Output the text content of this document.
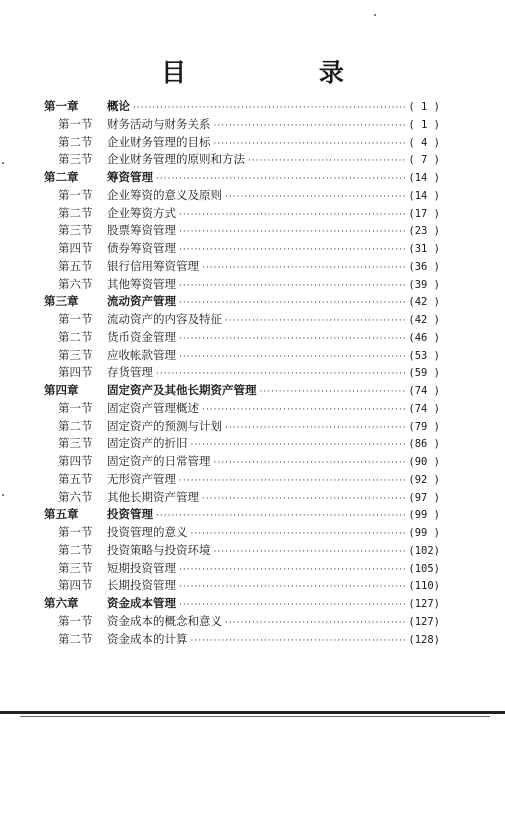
目 录
第一章	概论 ·····	( 1 )
第一节	财务活动与财务关系 ·····	( 1 )
第二节	企业财务管理的目标 ·····	( 4 )
第三节	企业财务管理的原则和方法 ·····	( 7 )
第二章	筹资管理 ·····	(14 )
第一节	企业筹资的意义及原则 ·····	(14 )
第二节	企业筹资方式 ·····	(17 )
第三节	股票筹资管理 ·····	(23 )
第四节	债券筹资管理 ·····	(31 )
第五节	银行信用筹资管理 ·····	(36 )
第六节	其他筹资管理 ·····	(39 )
第三章	流动资产管理 ·····	(42 )
第一节	流动资产的内容及特征 ·····	(42 )
第二节	货币资金管理 ·····	(46 )
第三节	应收帐款管理 ·····	(53 )
第四节	存货管理 ·····	(59 )
第四章	固定资产及其他长期资产管理 ·····	(74 )
第一节	固定资产管理概述 ·····	(74 )
第二节	固定资产的预测与计划 ·····	(79 )
第三节	固定资产的折旧 ·····	(86 )
第四节	固定资产的日常管理 ·····	(90 )
第五节	无形资产管理 ·····	(92 )
第六节	其他长期资产管理 ·····	(97 )
第五章	投资管理 ·····	(99 )
第一节	投资管理的意义 ·····	(99 )
第二节	投资策略与投资环境 ·····	(102)
第三节	短期投资管理 ·····	(105)
第四节	长期投资管理 ·····	(110)
第六章	资金成本管理 ·····	(127)
第一节	资金成本的概念和意义 ·····	(127)
第二节	资金成本的计算 ·····	(128)
